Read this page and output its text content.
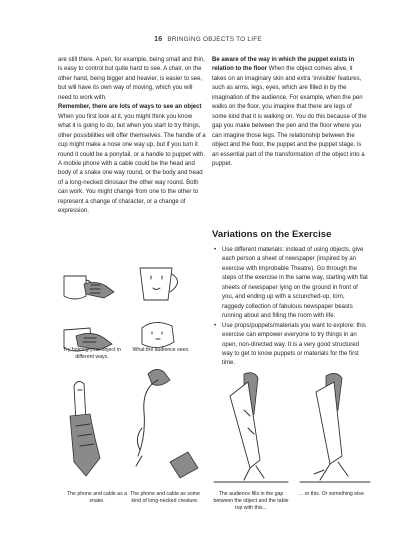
16 BRINGING OBJECTS TO LIFE

are still there. A pen, for example, being small and thin, is easy to control but quite hard to see. A chair, on the other hand, being bigger and heavier, is easier to see, but will have its own way of moving, which you will need to work with.

Remember, there are lots of ways to see an object When you first look at it, you might think you know what it is going to do, but when you start to try things, other possibilities will offer themselves. The handle of a cup might make a nose one way up, but if you turn it round it could be a ponytail, or a handle to puppet with. A mobile phone with a cable could be the head and body of a snake one way round, or the body and head of a long-necked dinosaur the other way round. Both can work. You might change from one to the other to represent a change of character, or a change of expression.

Be aware of the way in which the puppet exists in relation to the floor When the object comes alive, it takes on an imaginary skin and extra ‘invisible’ features, such as arms, legs, eyes, which are filled in by the imagination of the audience. For example, when the pen walks on the floor, you imagine that there are legs of some kind that it is walking on. You do this because of the gap you make between the pen and the floor where you can imagine those legs. The relationship between the object and the floor, the puppet and the puppet stage, is an essential part of the transformation of the object into a puppet.

Variations on the Exercise
• Use different materials: instead of using objects, give each person a sheet of newspaper (inspired by an exercise with Improbable Theatre). Go through the steps of the exercise in the same way, starting with flat sheets of newspaper lying on the ground in front of you, and ending up with a scrunched-up, torn, raggedy collection of fabulous newspaper beasts running about and filling the room with life.
• Use props/puppets/materials you want to explore: this exercise can empower everyone to try things in an open, non-directed way. It is a very good structured way to get to know puppets or materials for the first time.
Try holding your object in different ways.
What the audience sees.
The phone and cable as a snake.
The phone and cable as some kind of long-necked creature.
The audience fills in the gap between the object and the table top with this...
... or this. Or something else.
